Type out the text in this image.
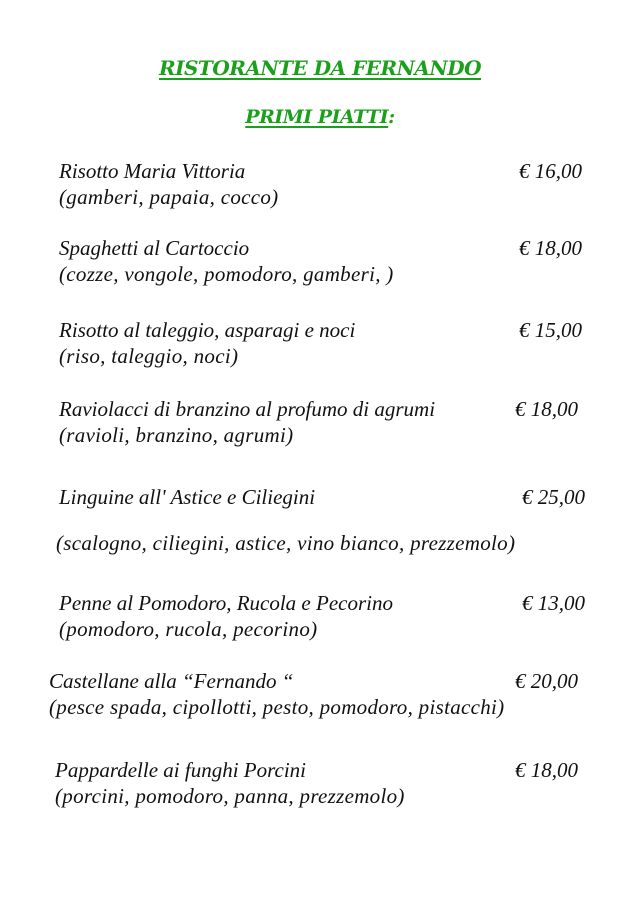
RISTORANTE DA FERNANDO
PRIMI PIATTI:
Risotto Maria Vittoria
(gamberi, papaia, cocco)
€ 16,00
Spaghetti al Cartoccio
(cozze, vongole, pomodoro, gamberi, )
€ 18,00
Risotto al taleggio, asparagi e noci
(riso, taleggio, noci)
€ 15,00
Raviolacci di branzino al profumo di agrumi
(ravioli, branzino, agrumi)
€ 18,00
Linguine all' Astice e Ciliegini
(scalogno, ciliegini, astice, vino bianco, prezzemolo)
€ 25,00
Penne al Pomodoro, Rucola e Pecorino
(pomodoro, rucola, pecorino)
€ 13,00
Castellane alla “Fernando “
(pesce spada, cipollotti, pesto, pomodoro, pistacchi)
€ 20,00
Pappardelle ai funghi Porcini
(porcini, pomodoro, panna, prezzemolo)
€ 18,00
